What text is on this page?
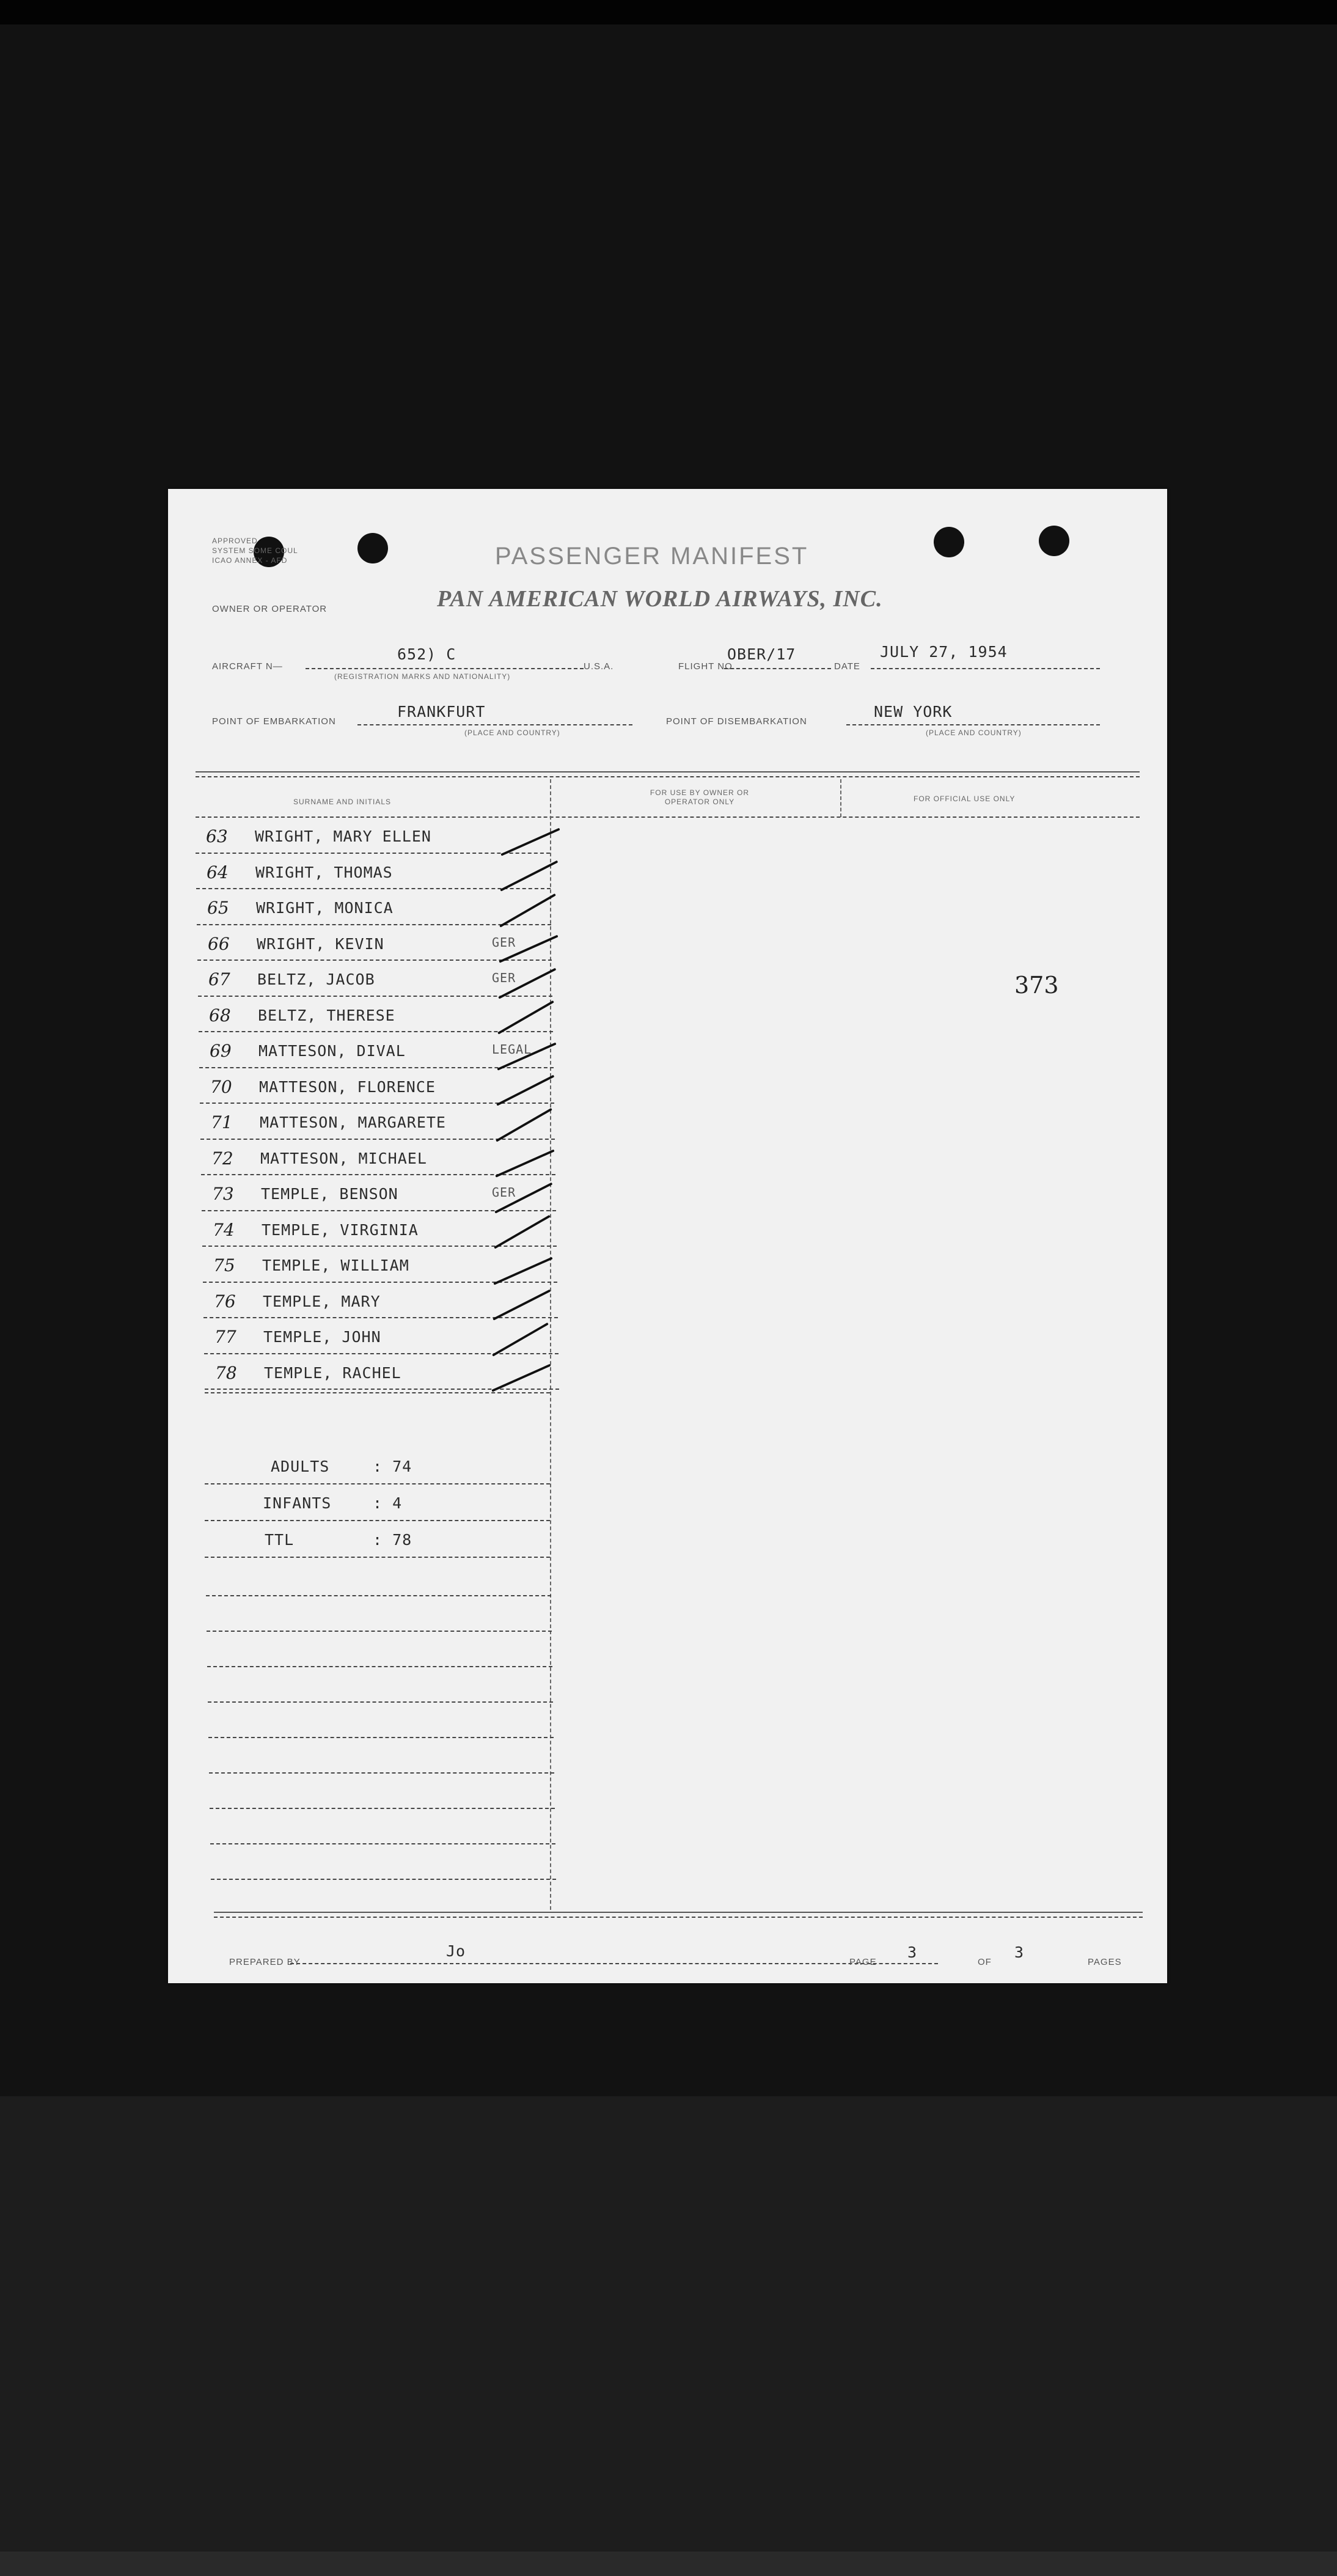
APPROVED
SYSTEM SOME COUL
ICAO ANNEX - AFD	PASSENGER MANIFEST
PAN AMERICAN WORLD AIRWAYS, INC.
OWNER OR OPERATOR
AIRCRAFT N—
652) C
(REGISTRATION MARKS AND NATIONALITY)
U.S.A.	FLIGHT NO.
OBER/17
DATE
JULY 27, 1954
POINT OF EMBARKATION
FRANKFURT
(PLACE AND COUNTRY)
POINT OF DISEMBARKATION
NEW YORK
(PLACE AND COUNTRY)
SURNAME AND INITIALS
FOR USE BY OWNER OR OPERATOR ONLY	FOR OFFICIAL USE ONLY
373
63 WRIGHT, MARY ELLEN
64 WRIGHT, THOMAS
65 WRIGHT, MONICA
66 WRIGHT, KEVIN	GER
67 BELTZ, JACOB	GER
68 BELTZ, THERESE
69 MATTESON, DIVAL	LEGAL
70 MATTESON, FLORENCE
71 MATTESON, MARGARETE
72 MATTESON, MICHAEL
73 TEMPLE, BENSON	GER
74 TEMPLE, VIRGINIA
75 TEMPLE, WILLIAM
76 TEMPLE, MARY
77 TEMPLE, JOHN
78 TEMPLE, RACHEL
ADULTS	: 74
INFANTS	: 4
TTL	: 78
PREPARED BY
Jo
PAGE
3
OF
3
PAGES
